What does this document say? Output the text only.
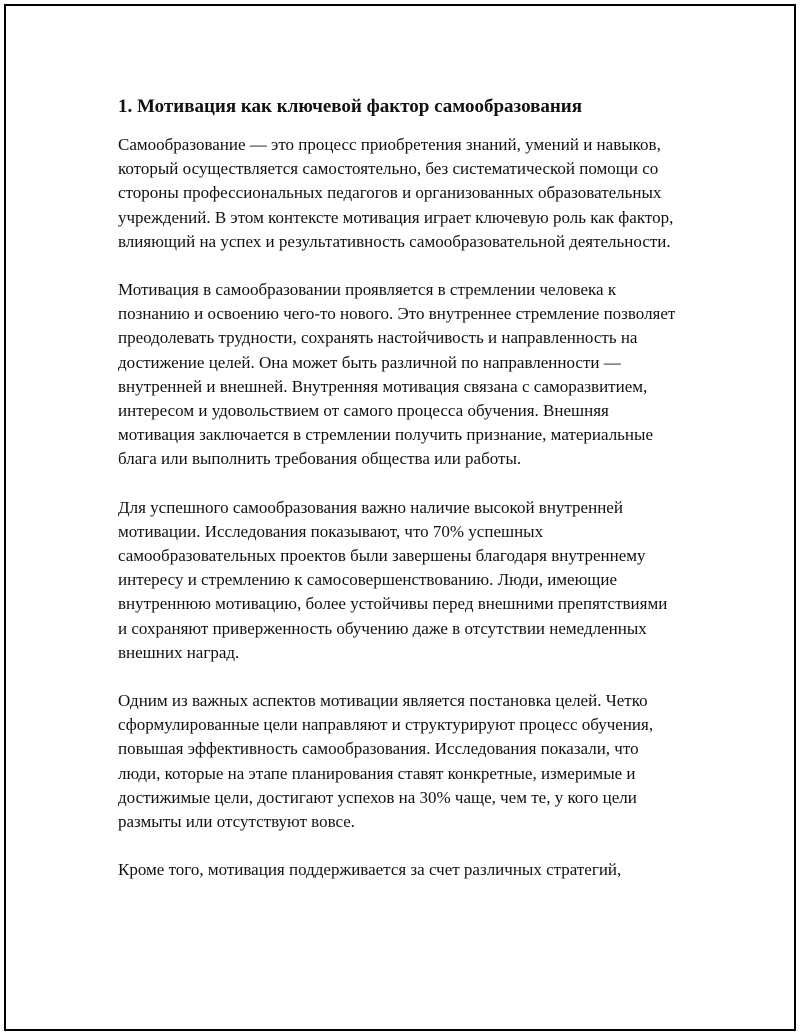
1. Мотивация как ключевой фактор самообразования

Самообразование — это процесс приобретения знаний, умений и навыков, который осуществляется самостоятельно, без систематической помощи со стороны профессиональных педагогов и организованных образовательных учреждений. В этом контексте мотивация играет ключевую роль как фактор, влияющий на успех и результативность самообразовательной деятельности.

Мотивация в самообразовании проявляется в стремлении человека к познанию и освоению чего-то нового. Это внутреннее стремление позволяет преодолевать трудности, сохранять настойчивость и направленность на достижение целей. Она может быть различной по направленности — внутренней и внешней. Внутренняя мотивация связана с саморазвитием, интересом и удовольствием от самого процесса обучения. Внешняя мотивация заключается в стремлении получить признание, материальные блага или выполнить требования общества или работы.

Для успешного самообразования важно наличие высокой внутренней мотивации. Исследования показывают, что 70% успешных самообразовательных проектов были завершены благодаря внутреннему интересу и стремлению к самосовершенствованию. Люди, имеющие внутреннюю мотивацию, более устойчивы перед внешними препятствиями и сохраняют приверженность обучению даже в отсутствии немедленных внешних наград.

Одним из важных аспектов мотивации является постановка целей. Четко сформулированные цели направляют и структурируют процесс обучения, повышая эффективность самообразования. Исследования показали, что люди, которые на этапе планирования ставят конкретные, измеримые и достижимые цели, достигают успехов на 30% чаще, чем те, у кого цели размыты или отсутствуют вовсе.

Кроме того, мотивация поддерживается за счет различных стратегий,
